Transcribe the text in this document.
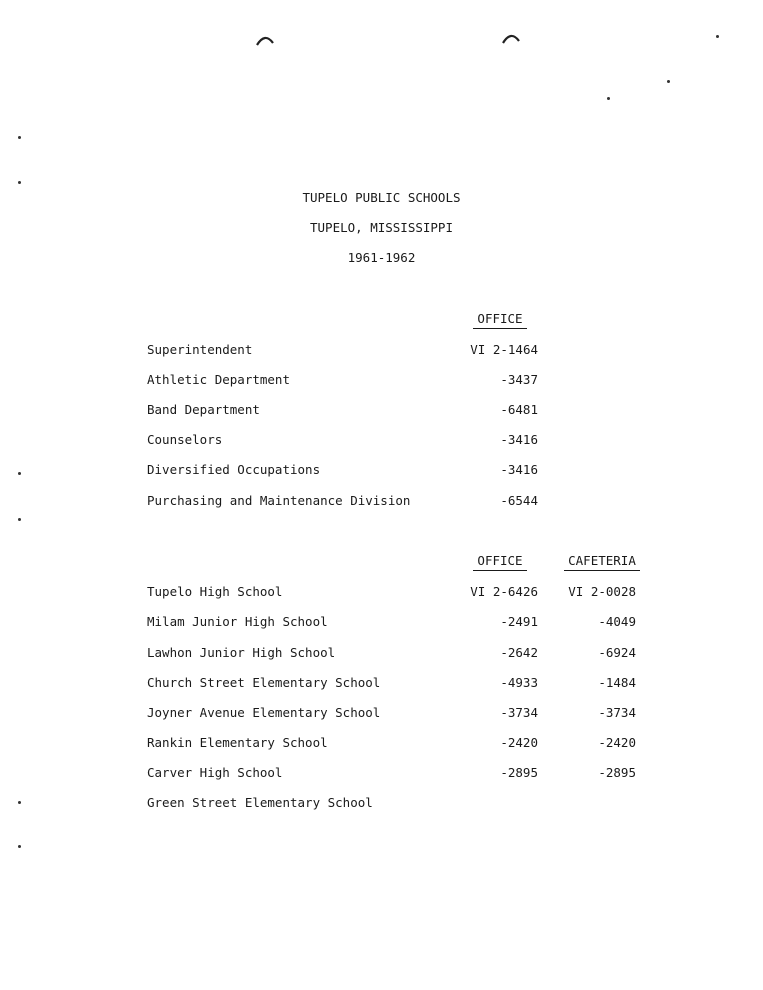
TUPELO PUBLIC SCHOOLS
TUPELO, MISSISSIPPI
1961-1962
OFFICE
Superintendent	VI 2-1464
Athletic Department	-3437
Band Department	-6481
Counselors	-3416
Diversified Occupations	-3416
Purchasing and Maintenance Division	-6544
OFFICE	CAFETERIA
Tupelo High School	VI 2-6426	VI 2-0028
Milam Junior High School	-2491	-4049
Lawhon Junior High School	-2642	-6924
Church Street Elementary School	-4933	-1484
Joyner Avenue Elementary School	-3734	-3734
Rankin Elementary School	-2420	-2420
Carver High School	-2895	-2895
Green Street Elementary School
